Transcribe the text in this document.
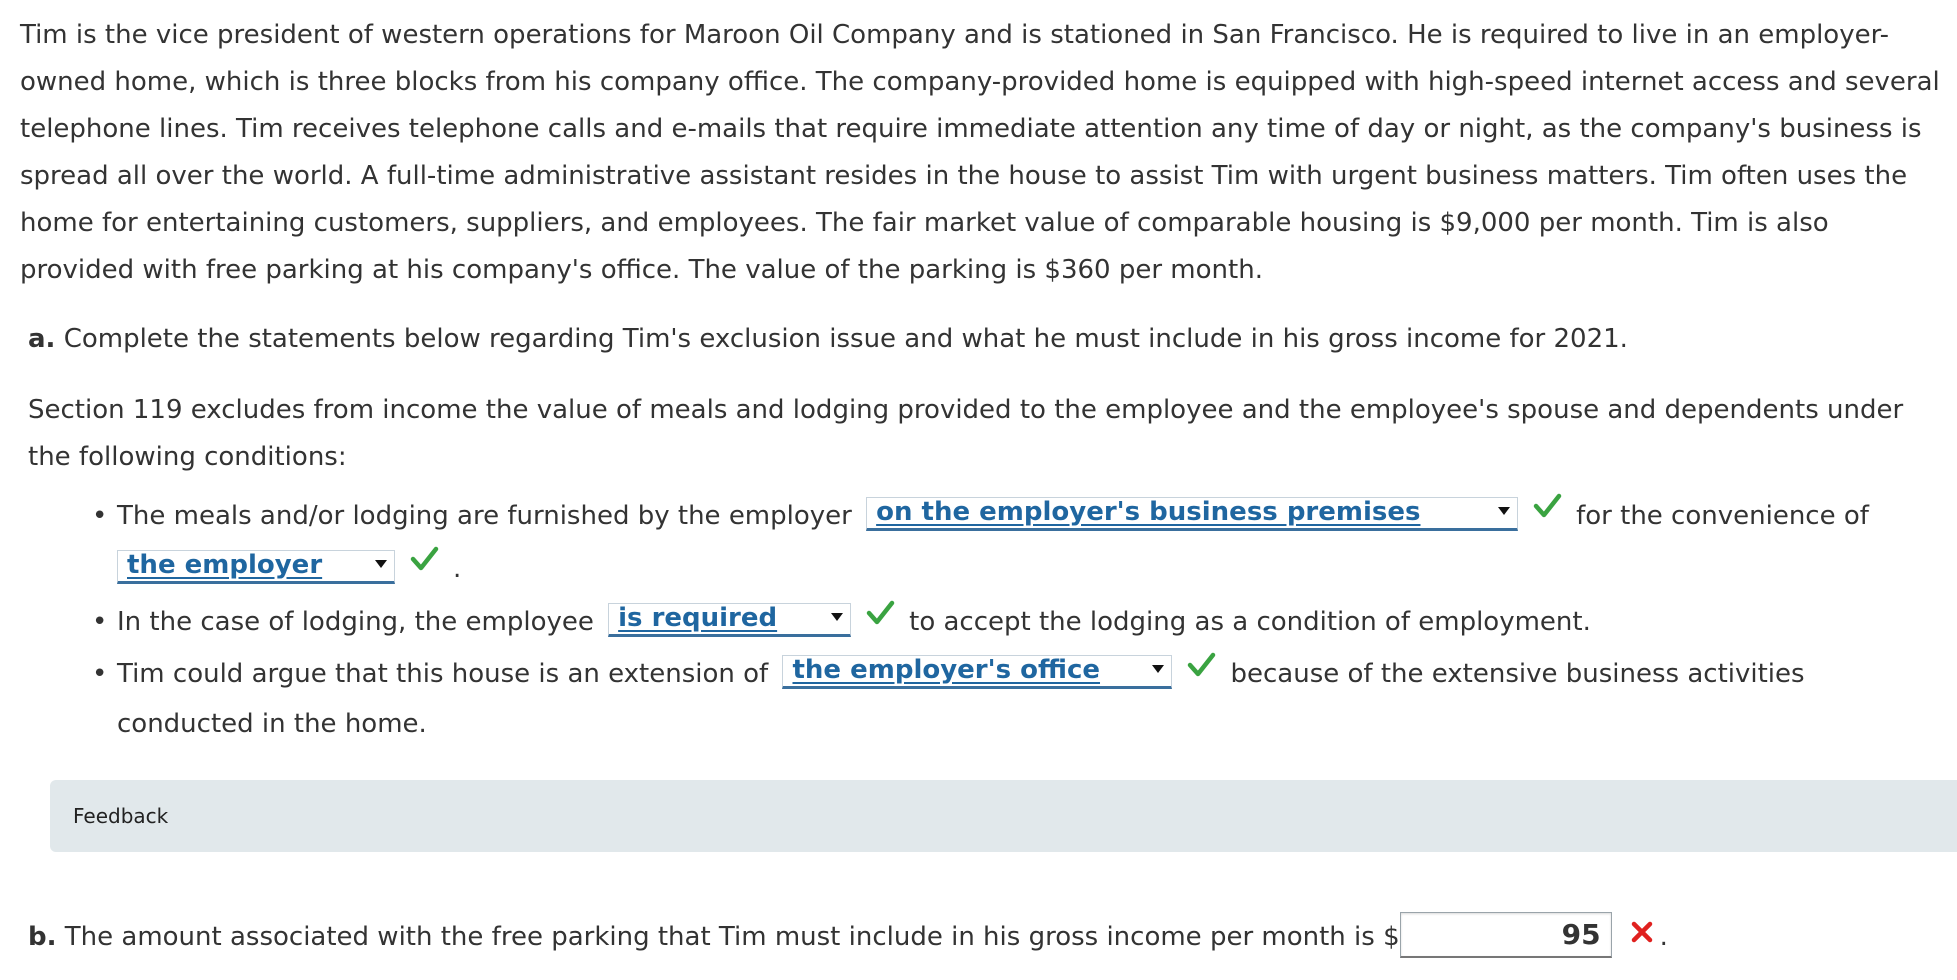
Tim is the vice president of western operations for Maroon Oil Company and is stationed in San Francisco. He is required to live in an employer-owned home, which is three blocks from his company office. The company-provided home is equipped with high-speed internet access and several telephone lines. Tim receives telephone calls and e-mails that require immediate attention any time of day or night, as the company's business is spread all over the world. A full-time administrative assistant resides in the house to assist Tim with urgent business matters. Tim often uses the home for entertaining customers, suppliers, and employees. The fair market value of comparable housing is $9,000 per month. Tim is also provided with free parking at his company's office. The value of the parking is $360 per month.
a. Complete the statements below regarding Tim's exclusion issue and what he must include in his gross income for 2021.
Section 119 excludes from income the value of meals and lodging provided to the employee and the employee's spouse and dependents under the following conditions:
• The meals and/or lodging are furnished by the employer on the employer's business premises	for the convenience of
the employer	.
• In the case of lodging, the employee is required	to accept the lodging as a condition of employment.
• Tim could argue that this house is an extension of the employer's office	because of the extensive business activities conducted in the home.
Feedback
b. The amount associated with the free parking that Tim must include in his gross income per month is $	95 .
